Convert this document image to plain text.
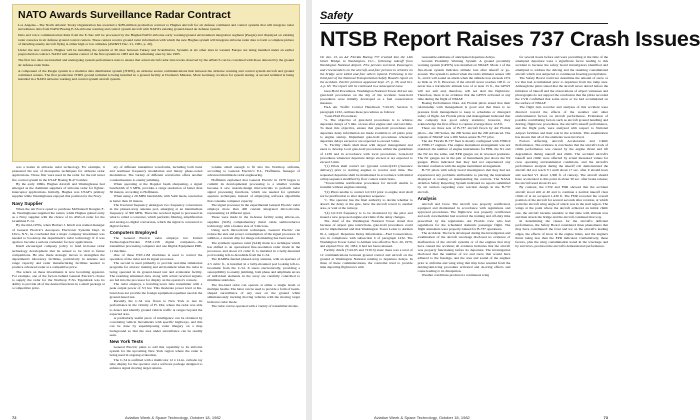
NATO Awards Surveillance Radar Contract

Los Angeles—The North Atlantic Treaty Organization has awarded a $285-million production contract to Hughes Aircraft for air defense command and control systems that will integrate radar surveillance data from NATO Boeing E-3A airborne warning and control system aircraft with NATO's existing ground-based air defense system.

Data and voice communication links from the E-3As will be processed by the Hughes/NATO airborne early warning/ground environment integration segment (Peegie) and displayed on existing radar consoles in air defense ground control centers. These centers receive ground radar information with which the new Hughes system will integrate airborne radar data to form a complete picture of intruding enemy aircraft flying at either high or low altitudes (AW&ST Dec. 21, 1981, p. 40).

Under the new contract, Hughes will be installing the systems at 36 sites between Turkey and Scandinavia. Systems at six other sites in western Europe are being installed under an earlier preproduction contract. NATO will assume control of the first systems in 1983 and the remaining ones by late 1985.

The first two sites are installed and undergoing system performance tests to ensure that actual aircraft radar data tracks observed by the AWACS can be correlated with those detected by the ground air defense radar links.

A component of the Peegie system is a modular data distribution system (JTIDS), an airborne secure communications link between the airborne warning and control system aircraft and ground command centers. The first production JTIDS ground terminal is being installed in a ground facility at Dorman's Mission, Mont Germany, location for system testing. A second terminal is being installed in a NATO airborne warning and control system aircraft system.

was a leader in airborne radar technology. For example, it pioneered the use of monopulse techniques for airborne radar applications. Those first were used in the radar for the tail turret fire control system in the USAF Boeing B-47 bomber.

By the early 1960s, Hughes Aircraft and Westinghouse had emerged as the dominant suppliers of airborne radar for fighter-interceptor applications. Initially, Hughes was USAF's primary supplier while Westinghouse enjoyed that position for the Navy.

Navy Supplier

When the Air Force opted to purchase McDonnell Douglas F-4s, Westinghouse supplied the radars, while Hughes gained entry as a Navy supplier with the choice of its AWG-9 radar for the Grumman F-14.

By the mid-1970s, when Herbert J. Kindl was named manager of General Electric's Aerospace Electronic Systems Dept. in Utica, N.Y., he concluded that a major company investment was needed to bootstrap the department's radar technology if it was again to become a serious contender for new applications.

Kindl encouraged company policy to fund in-house radar technology development that he sensed to be vital to future competitions. He also made strategic moves to strengthen the department's laboratory facilities, particularly in antenna test range capacity and radar manufacturing facilities needed to produce advanced radar at a competitive price.

The return on these investments is now becoming apparent. For example, one of the factors behind General Electric's choice to supply the radar for the Northrop F-5G Tigershark was its ability to provide all of the desired functions in a small package at a competitive price.

ety of different transmitter waveforms, including both burst and nonlinear frequency modulation and binary phase-coded modulation. The variety of different waveforms offers another countermeasure to enemy jamming.

When operating at the Doppler beam sharpening, a signal bandwidth of 5 MHz, provides a range resolution of better than 30 meters, according to Hoffmann.

When using a 20-MHz bandwidth, with SAR mode, resolution is better than 10 meters.

The Ku-band frequency undergoes two frequency conversions in the phased-array antenna pod, emerging at an intermediate frequency of 300 MHz. There the received signal is processed in what is called a converter, which performs filtering, amplification and analog-to-digital conversion, which the signal is converted to digital format.

Computers Employed

The General Electric radar employs two United Technologies/Norden ESE-1158 digital computers—the transmitter processing computer and one Digital Equipment PDP-11 machine.

One of these ESE-11M machines is used to control the operation of the radar and its signal processor.

The second is used primarily to provide real-time simulation programs for aircrew training and environment when the radar is being operated in its ground-based test and evaluation facility. The resulting simulated data, along with actual received signals, are fed into the processor for display on the operator's console.

The radar employs a traveling-wave tube transmitter with a peak output power of 3.5 kw. This moderate power level at Ku-band does not provide the foreign equipment equalizer used in the ground-based test.

Recently the C-54 was flown to New York to test its performance in the vicinity of Ft. Dix, where the radar was able to detect and identify ground vehicle traffic at ranges beyond the expected area.

A particularly useful piece of intelligence can be obtained by correlating vehicle movements with specific highways, and this can be done by superimposing radar imagery on a map background so that the area under surveillance can be readily seen.

New York Tests

General Electric plans to add this capability to its airborne system for the upcoming New York region where the radar is being used in ongoing evaluation.

The C-54 is outfitted with a multicolor 12 x 12-in. cathode ray tube display for the operator and a software package designed to enhance signal moving target returns.

volume small enough to fit into the Northrop airframe, according to General Electric's E.L. Hoffmann, manager of advanced multimode radar engineering.

Hoffmann explained that General Electric in 1978 began to commit its developmental processing to a smaller volume because it saw custom-design microcircuits to perform radar signal processing functions, which are needed for synthetic aperture techniques, instead of employing software algorithms that consume computer capacity.

The signal processor in the experimental General Electric radar employs more than 400 custom integrated microcircuits, representing 14 different types.

These were made in the in-house facility using silicon-on-sapphire (SOS) complementary metal oxide semiconductor technology with a feature size of 3 microns.

Using such microcircuit techniques, General Electric can reduce the size and power consumption of the signal processor. In addition, a custom chip for image reformatting has been used.

The synthetic aperture radar (SAR) mode is a technique which has shifted to an operational fine-resolution radar mode in the processor, and about 2.5 cubic ft. is installed in a belly-mounted pod looking left-to-broadside from the C-54.

The DARPA-funded phased-array antenna, with an aperture of 2.5 cubic ft., is installed in a belly-mounted pod looking left-to-broadside from the C-54. It steers electronically, providing a susceptibility to enemy jamming, both phase and amplitude errors of individual elements in the array are carefully controlled to minimize sidelobes.

The Ku-band radar can operate at either a single beam or multiple beams. The latter can be used to provide a form of beam-shaped surveillance of any area on the ground while simultaneously tracking moving vehicles with the moving target indicator radar mode.

The radar can be operated with a variety of transmitter modes.

72	Aviation Week & Space Technology, October 18, 1982
Safety
NTSB Report Raises 737 Crash Issues

On Jan. 13, an Air Florida Boeing 737 crashed into the 14th Street Bridge in Washington, D.C., following takeoff from Washington National Airport. Five persons survived. Passengers and crewmembers on the aircraft, and four persons in vehicles on the bridge were killed and four others injured. Following is the third part of the National Transportation Safety Board's report on the accident. Earlier portions appeared Sept. 27, p. 78, and Oct. 4, p. 63. The report will be continued in a subsequent issue.

Gust-Hold Procedures. Washington National Tower did not use gust-hold procedures on the day of the accident. Gust-hold procedures were initially developed as a fuel conservation measure.

FAA Air Traffic Control Handbook 7110.65, Section 3, paragraph 1232, outlines these procedures as follows:

"Gust-Hold Procedures

"a. The objective of gust-hold procedures is to achieve departure delays of 5 min. on less after engine start and taxi time. To meet this objective, ensure that gate-hold procedures and departure delay information are made available to all pilots prior to engine startup. Implement gate-hold procedures whenever departure delays exceed or are expected to exceed 5 min.

"b. Facility chiefs shall meet with airport management and users to develop local gate-hold procedures within the guidelines of 1239 and in accordance with local procedures. Gate-hold procedures whenever departure delays exceed or are expected to exceed 5 min.

"(1) Pilots shall contact GC (ground control)/CD (clearance delivery) prior to starting engines to receive start time. The requested departure shall be maintained in accordance with initial callup sequence modified by flow control restrictions.

"Tower/airline notification procedures for aircraft unable to transmit without engines running.

"(2) Pilots unable to contact GC/CD prior to engine start shall not be justification to alter departure sequence.

"c. The operator has the final authority to decide whether to absorb the delay at the gate, have the aircraft towed to another area, or wait at the runway.

"(4) GC/CD frequency is to be monitored by the pilot and issued a new proposed engine start time if the delay changes.

The chief of the Washington National Tower stated that because of airport gate restrictions, gate-hold procedures could not be implemented and that Washington Tower Letter to Airmen 81-1, subject: Departure Delay Information—Fuel Conservation, was in compliance with subsection b of paragraph 1232. The Washington Tower Letter to Airmen was effective Nov. 20, 1979, and expired Nov. 20, 1981; it had not been reissued.

Facility chiefs (7110.65 and 7210.3) state: there was a total of 12 communications between ground control and aircraft on the ground at Washington National relating to departure delays. In three of these communications, the controller tried to provide time departing flightcrews with

reasonable estimates of anticipated departure delays.

Ground Proximity Warning System. A ground proximity warning system (GPWS) was installed on N62AF. Mode 1 of the five-mode system indicates altitude loss after takeoff or go-around. The system is armed when the radio altimeter senses 100 ft., and it will sound an alarm when the altitude loss exceeds 10% as little as 15 ft. However, if the aircraft never reaches 100 ft. or never has a barometric altitude loss of at least 15 ft., the GPWS will not arm and, therefore, will not alert the flightcrew. Therefore, there is no evidence that the GPWS activated at any time during the flight of N62AF.

Boeing Performance Data. Air Florida pilots stated that their relationship with management is good and that there is no pressure from management to keep to schedules or disregard safety of flight. Air Florida pilots and management indicated that the company has good safety statistics; however, they acknowledge the first officer to capture average three 12.8 ft.

There are three sets of B-737 aircraft flown by Air Florida pilots—the 100 Series, the 200 Series and the 200 Advanced. The captain of N62AF was a 200 Series senior B-737 pilot.

The Air Florida B-737 fleet is mostly configured with JT8D-9 or JT8D-17 engines. The engine instrument arrangement was not standard; the number of engine instruments for EPR, the N1 and the N2 are the same, and EPR gauges are in reversed positions. The N1 gauges are in the pair of instruments just above the N2 gauges. Pilots indicated that they had not experienced any incident confusion with the engine instrument arrangement.

B-737 pilots with safety board investigators that they had not experienced any problems attributable to placing the instrument displayed or reading or manipulating the controls. The NASA Aviation Safety Reporting System indicated no reports submitted by air carriers regarding crew reaction design in the B-737 aircraft.

Analysis

Aircraft and Crew. The aircraft was properly certificated, equipped and maintained in accordance with regulations and approved procedures. The flightcrew was properly certificated and each crewmember had received the training and off-duty time prescribed by the regulations. Air Florida crew who had regulations for the scheduled domestic passenger flight. The flight attendants were properly trained for B-737 operations.

The Accident. The facts developed during the investigation and examination of the aircraft wreckage disclosed no evidence of malfunction of the aircraft systems or of the engines that may have caused the accident; all evidence indicates that the aircraft was properly functioning before its departure. The investigation disclosed that the number of ice and snow that would have adhered to the fuselage, and the area and sound of the engines prior to airframe and wing icing that may have resulted from the deicing/anti-icing procedure activated and de-icing effects and cause leading to its dissipation.

Weather conditions produced a continuous icing

for several hours before and were prevailing at the time of the attempted departure were a significant factor leading to this accident is because the safety board investigators identified and attempted to address the deicing and the resulting contaminated aircraft which was subjected to continuous freezing precipitation.

The Safety Board could not determine the amount of snow or ice that had accumulated prior to departure from the ramp area. Although the pilots stated that the aircraft never deiced before the initiation of takeoff and the observations of airport witnesses and photographs do not support the conclusion that the pilots recorded the CVR confirmed that some snow or ice had accumulated on the surface of N62AF.

The flight data recorder and analyses of this accident were directed toward the effects of the weather and other environmental factors on aircraft performance. Evaluation of possible contributing factors such as aircraft ground handling and deicing, flightcrew procedures, the aircraft's takeoff performance, and the flight path, were analyzed with respect to National Airport facilities and their role in the accident. This examination has shown that all of the elements were involved.

Factors Affecting Aircraft Acceleration and Climb Performance. The evidence is conclusive that the aircraft's lack of climb performance was caused by the engine thrust and lift degradation during takeoff and climb. The accident aircraft's takeoff and climb were affected by actual measured values for crew operating environmental conditions, and the aircraft's performance analysis during the takeoff roll demonstrated the aircraft did not reach V1 until about 17 sec. after it should have and reached V1 about 1,300 ft. of runway. The aircraft should have accelerated to this point in about 30 sec. after brake release; the aircraft used about 45 sec.

By contrast, the CVR and FDR showed that the accident aircraft stood still at 40 and to continue a normal takeoff clear climb of at an accepted 1,430 ft. The FDR recorded the overall position of the aircraft for several seconds after rotation, at which point the aircraft wing angle of attack was in the stall region. The wings at the point where the aircraft achieved an initial climb rate, the aircraft became unstable at that time with altitude loss and then struck the bridge and the aircraft continued that way.

In determining the causes for the aircraft's deficient performance, the Safety Board considered three phenomena that may have contributed: the frost and ice on the aircraft's leading edges, the effects of snow in the engine inlets, and the engine's thrust being less than the EPR indicated. Cumulatively, these factors, plus the wing contamination noted in the wreckage and by survivors, produced the aircraft's demonstrated performance.

Aviation Week & Space Technology, October 18, 1982	73
